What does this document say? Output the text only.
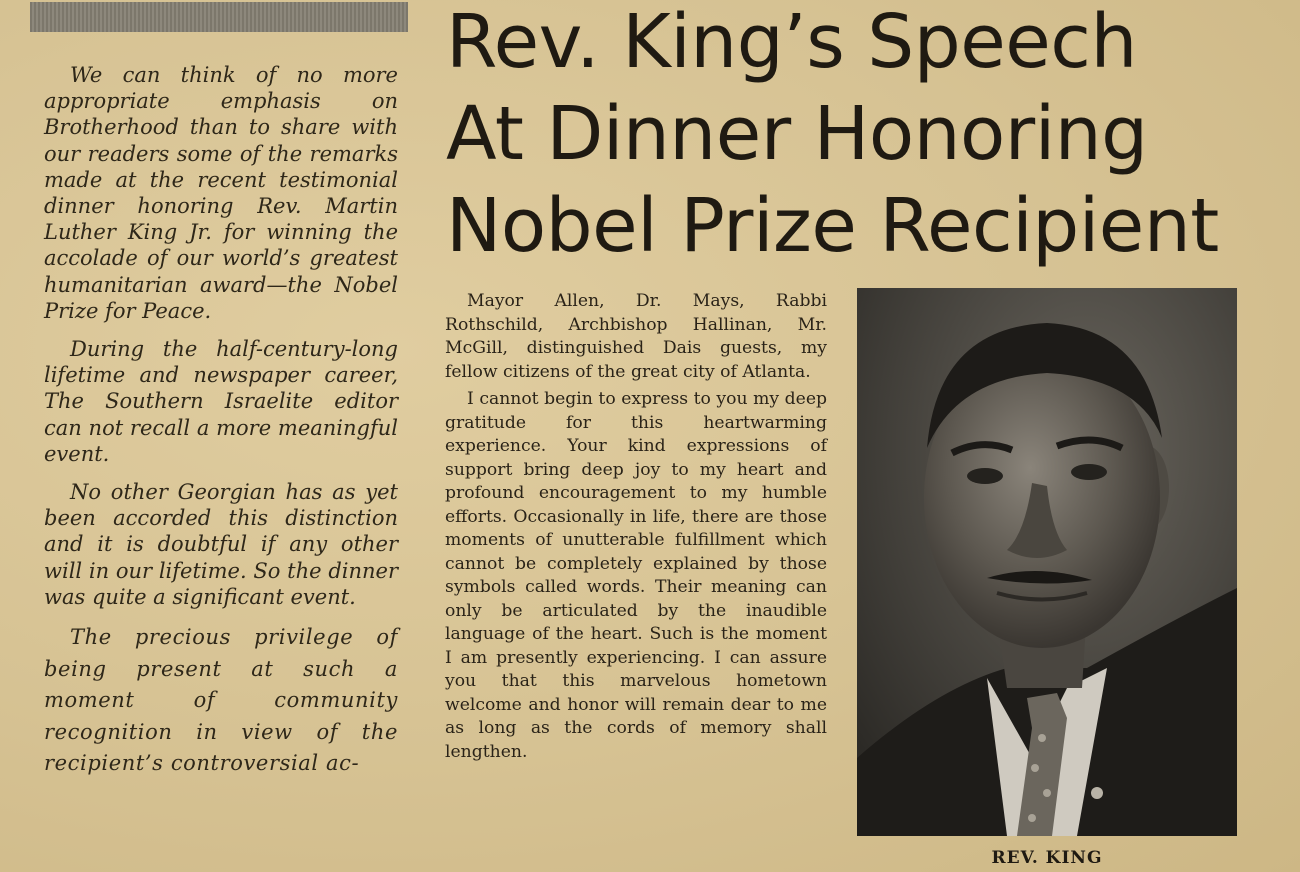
We can think of no more appropriate emphasis on Brotherhood than to share with our readers some of the remarks made at the recent testimonial dinner honoring Rev. Martin Luther King Jr. for winning the accolade of our world’s greatest humanitarian award—the Nobel Prize for Peace.

During the half-century-long lifetime and newspaper career, The Southern Israelite editor can not recall a more meaningful event.

No other Georgian has as yet been accorded this distinction and it is doubtful if any other will in our lifetime. So the dinner was quite a significant event.

The precious privilege of being present at such a moment of community recognition in view of the recipient’s controversial ac-

Rev. King’s Speech
At Dinner Honoring
Nobel Prize Recipient

Mayor Allen, Dr. Mays, Rabbi Rothschild, Archbishop Hallinan, Mr. McGill, distinguished Dais guests, my fellow citizens of the great city of Atlanta.

I cannot begin to express to you my deep gratitude for this heartwarming experience. Your kind expressions of support bring deep joy to my heart and profound encouragement to my humble efforts. Occasionally in life, there are those moments of unutterable fulfillment which cannot be completely explained by those symbols called words. Their meaning can only be articulated by the inaudible language of the heart. Such is the moment I am presently experiencing. I can assure you that this marvelous hometown welcome and honor will remain dear to me as long as the cords of memory shall lengthen.

REV. KING
